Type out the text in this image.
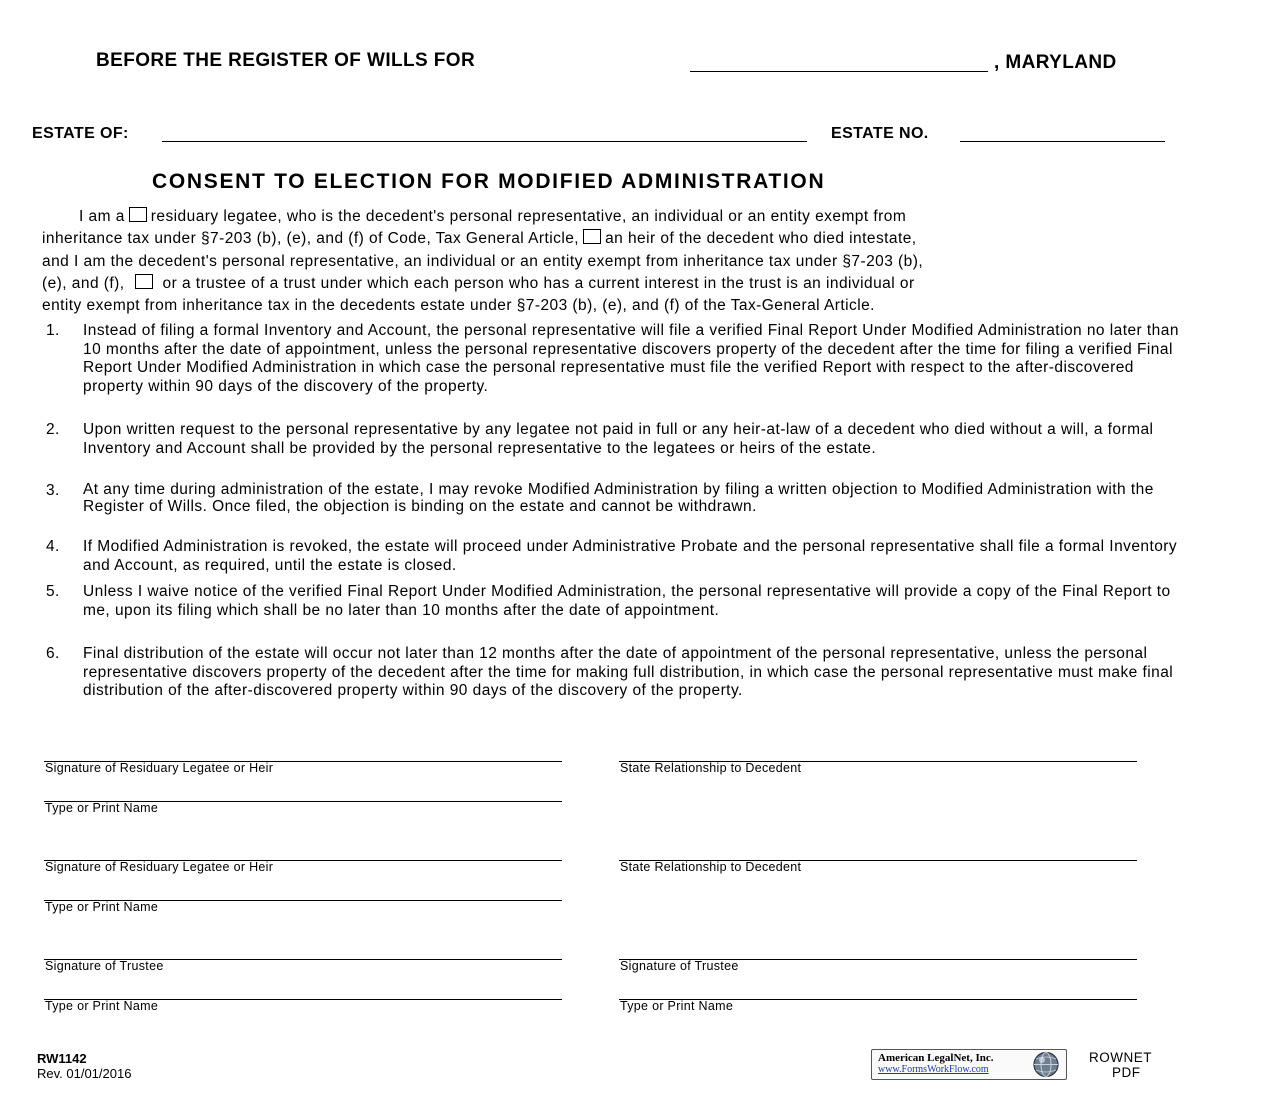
BEFORE THE REGISTER OF WILLS FOR	, MARYLAND
ESTATE OF:	ESTATE NO.
CONSENT TO ELECTION FOR MODIFIED ADMINISTRATION
I am a residuary legatee, who is the decedent's personal representative, an individual or an entity exempt from
inheritance tax under §7-203 (b), (e), and (f) of Code, Tax General Article, an heir of the decedent who died intestate,
and I am the decedent's personal representative, an individual or an entity exempt from inheritance tax under §7-203 (b),
(e), and (f), or a trustee of a trust under which each person who has a current interest in the trust is an individual or
entity exempt from inheritance tax in the decedents estate under §7-203 (b), (e), and (f) of the Tax-General Article.
1. Instead of filing a formal Inventory and Account, the personal representative will file a verified Final Report Under Modified Administration no later than 10 months after the date of appointment, unless the personal representative discovers property of the decedent after the time for filing a verified Final Report Under Modified Administration in which case the personal representative must file the verified Report with respect to the after-discovered property within 90 days of the discovery of the property.
2. Upon written request to the personal representative by any legatee not paid in full or any heir-at-law of a decedent who died without a will, a formal Inventory and Account shall be provided by the personal representative to the legatees or heirs of the estate.
3. At any time during administration of the estate, I may revoke Modified Administration by filing a written objection to Modified Administration with the Register of Wills. Once filed, the objection is binding on the estate and cannot be withdrawn.
4. If Modified Administration is revoked, the estate will proceed under Administrative Probate and the personal representative shall file a formal Inventory and Account, as required, until the estate is closed.
5. Unless I waive notice of the verified Final Report Under Modified Administration, the personal representative will provide a copy of the Final Report to me, upon its filing which shall be no later than 10 months after the date of appointment.
6. Final distribution of the estate will occur not later than 12 months after the date of appointment of the personal representative, unless the personal representative discovers property of the decedent after the time for making full distribution, in which case the personal representative must make final distribution of the after-discovered property within 90 days of the discovery of the property.
Signature of Residuary Legatee or Heir	State Relationship to Decedent
Type or Print Name
Signature of Residuary Legatee or Heir	State Relationship to Decedent
Type or Print Name
Signature of Trustee	Signature of Trustee
Type or Print Name	Type or Print Name
RW1142
Rev. 01/01/2016
American LegalNet, Inc.
www.FormsWorkFlow.com
ROWNET
PDF
